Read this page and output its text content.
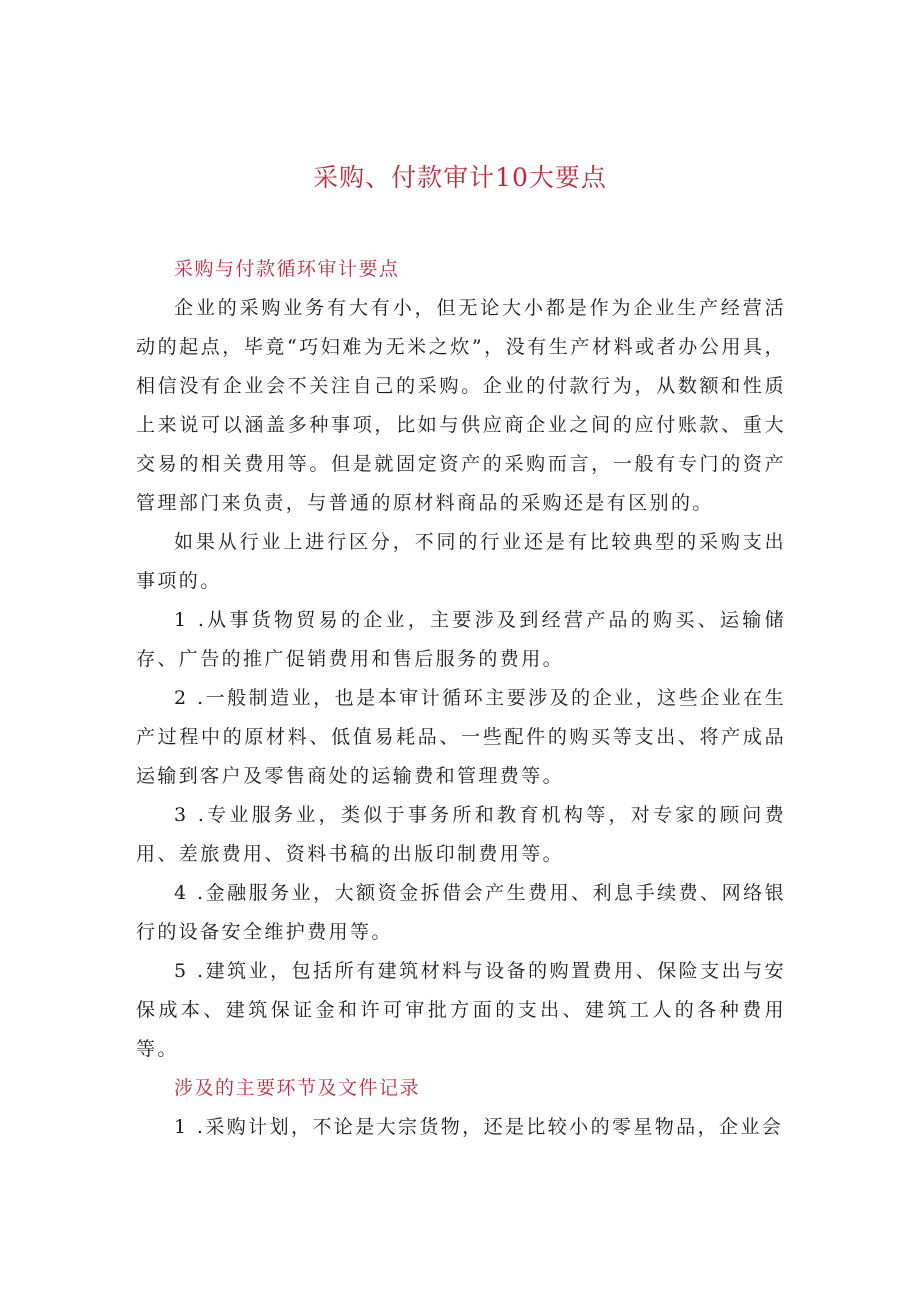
采购、付款审计10大要点

采购与付款循环审计要点

企业的采购业务有大有小，但无论大小都是作为企业生产经营活动的起点，毕竟“巧妇难为无米之炊”，没有生产材料或者办公用具，相信没有企业会不关注自己的采购。企业的付款行为，从数额和性质上来说可以涵盖多种事项，比如与供应商企业之间的应付账款、重大交易的相关费用等。但是就固定资产的采购而言，一般有专门的资产管理部门来负责，与普通的原材料商品的采购还是有区别的。

如果从行业上进行区分，不同的行业还是有比较典型的采购支出事项的。

1 .从事货物贸易的企业，主要涉及到经营产品的购买、运输储存、广告的推广促销费用和售后服务的费用。

2 .一般制造业，也是本审计循环主要涉及的企业，这些企业在生产过程中的原材料、低值易耗品、一些配件的购买等支出、将产成品运输到客户及零售商处的运输费和管理费等。

3 .专业服务业，类似于事务所和教育机构等，对专家的顾问费用、差旅费用、资料书稿的出版印制费用等。

4 .金融服务业，大额资金拆借会产生费用、利息手续费、网络银行的设备安全维护费用等。

5 .建筑业，包括所有建筑材料与设备的购置费用、保险支出与安保成本、建筑保证金和许可审批方面的支出、建筑工人的各种费用等。

涉及的主要环节及文件记录

1 .采购计划，不论是大宗货物，还是比较小的零星物品，企业会
